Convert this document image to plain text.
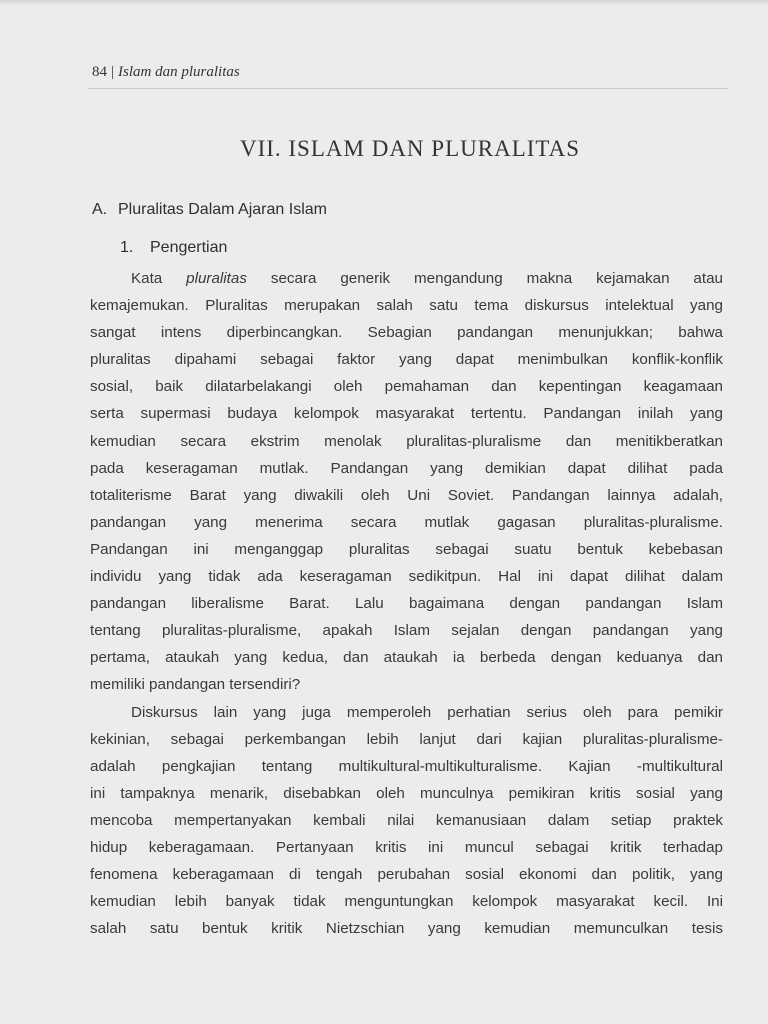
84 | Islam dan pluralitas
VII. ISLAM DAN PLURALITAS
A. Pluralitas Dalam Ajaran Islam
1. Pengertian
Kata pluralitas secara generik mengandung makna kejamakan atau
kemajemukan. Pluralitas merupakan salah satu tema diskursus intelektual yang
sangat intens diperbincangkan. Sebagian pandangan menunjukkan; bahwa
pluralitas dipahami sebagai faktor yang dapat menimbulkan konflik-konflik
sosial, baik dilatarbelakangi oleh pemahaman dan kepentingan keagamaan
serta supermasi budaya kelompok masyarakat tertentu. Pandangan inilah yang
kemudian secara ekstrim menolak pluralitas-pluralisme dan menitikberatkan
pada keseragaman mutlak. Pandangan yang demikian dapat dilihat pada
totaliterisme Barat yang diwakili oleh Uni Soviet. Pandangan lainnya adalah,
pandangan yang menerima secara mutlak gagasan pluralitas-pluralisme.
Pandangan ini menganggap pluralitas sebagai suatu bentuk kebebasan
individu yang tidak ada keseragaman sedikitpun. Hal ini dapat dilihat dalam
pandangan liberalisme Barat. Lalu bagaimana dengan pandangan Islam
tentang pluralitas-pluralisme, apakah Islam sejalan dengan pandangan yang
pertama, ataukah yang kedua, dan ataukah ia berbeda dengan keduanya dan
memiliki pandangan tersendiri?
Diskursus lain yang juga memperoleh perhatian serius oleh para pemikir
kekinian, sebagai perkembangan lebih lanjut dari kajian pluralitas-pluralisme-
adalah pengkajian tentang multikultural-multikulturalisme. Kajian -multikultural
ini tampaknya menarik, disebabkan oleh munculnya pemikiran kritis sosial yang
mencoba mempertanyakan kembali nilai kemanusiaan dalam setiap praktek
hidup keberagamaan. Pertanyaan kritis ini muncul sebagai kritik terhadap
fenomena keberagamaan di tengah perubahan sosial ekonomi dan politik, yang
kemudian lebih banyak tidak menguntungkan kelompok masyarakat kecil. Ini
salah satu bentuk kritik Nietzschian yang kemudian memunculkan tesis
